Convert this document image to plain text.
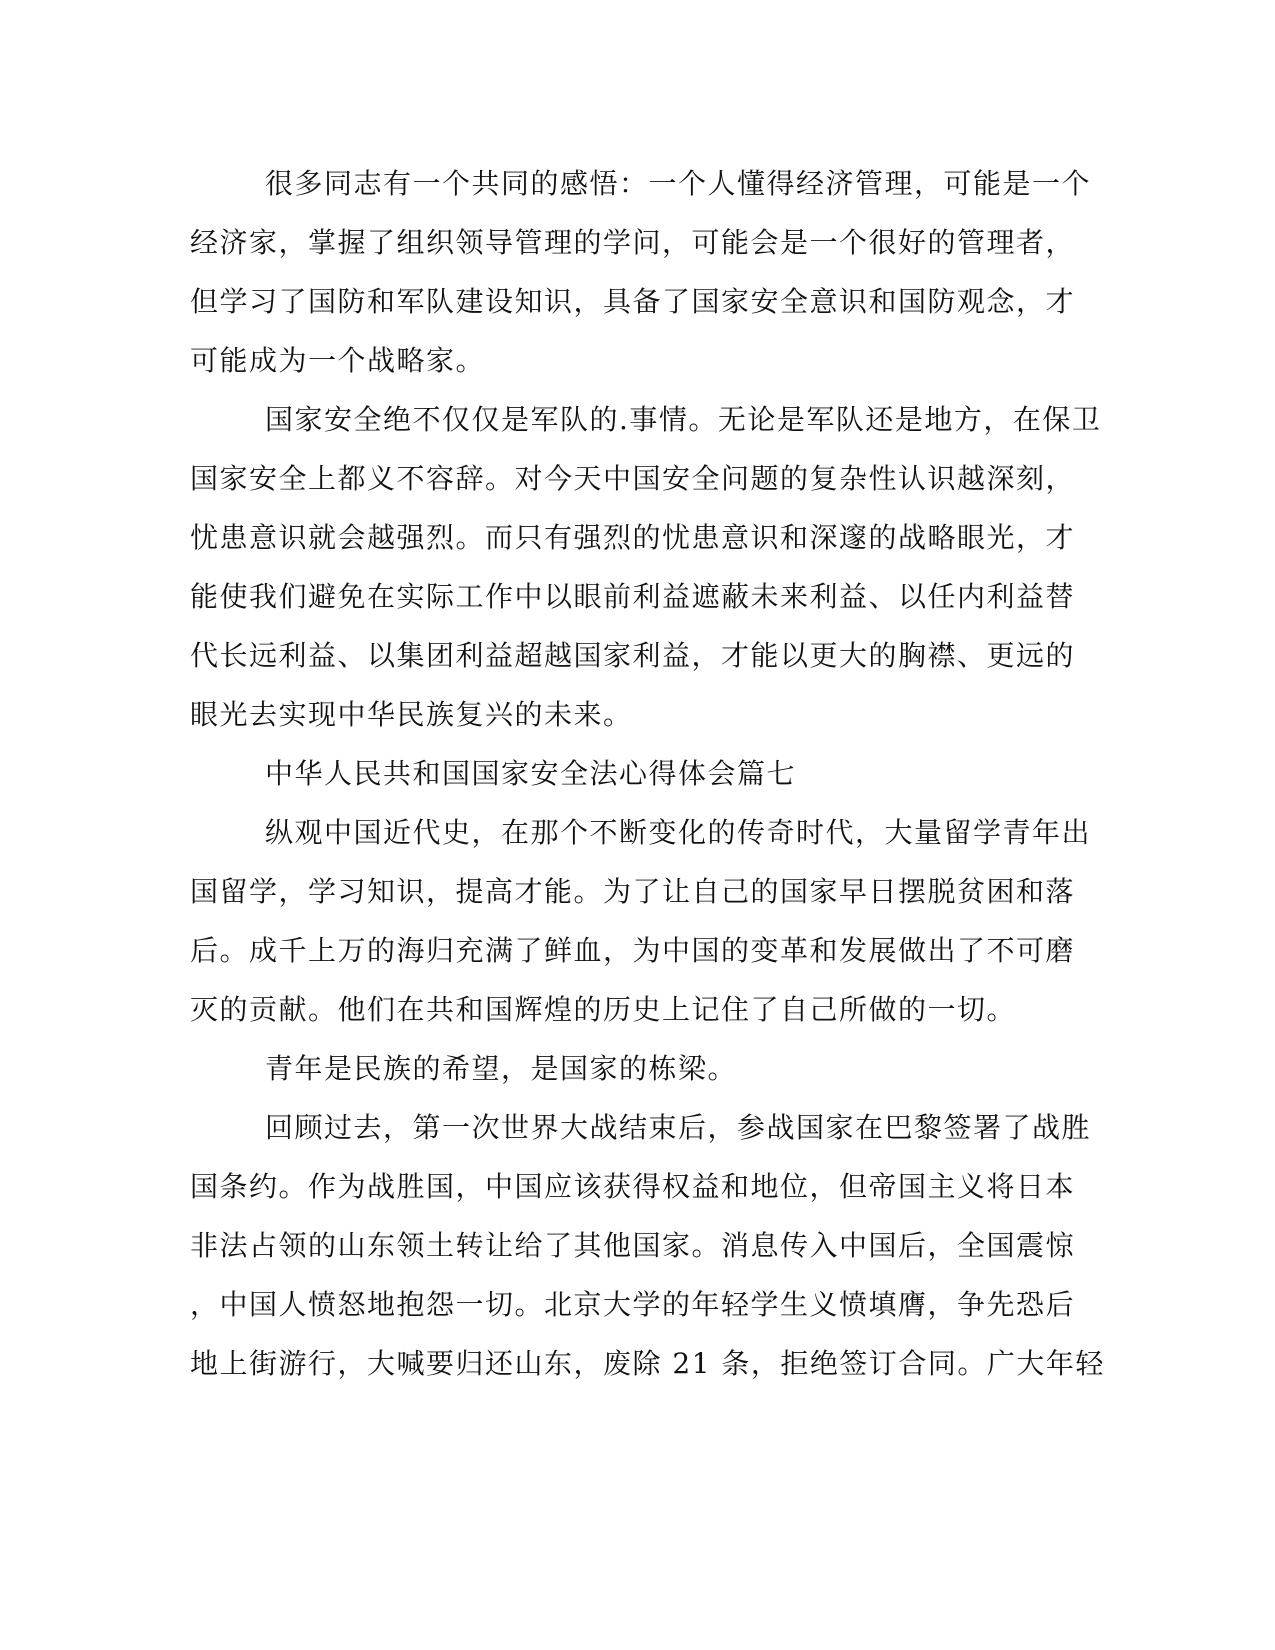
很多同志有一个共同的感悟：一个人懂得经济管理，可能是一个

经济家，掌握了组织领导管理的学问，可能会是一个很好的管理者，

但学习了国防和军队建设知识，具备了国家安全意识和国防观念，才

可能成为一个战略家。

国家安全绝不仅仅是军队的.事情。无论是军队还是地方，在保卫

国家安全上都义不容辞。对今天中国安全问题的复杂性认识越深刻，

忧患意识就会越强烈。而只有强烈的忧患意识和深邃的战略眼光，才

能使我们避免在实际工作中以眼前利益遮蔽未来利益、以任内利益替

代长远利益、以集团利益超越国家利益，才能以更大的胸襟、更远的

眼光去实现中华民族复兴的未来。

中华人民共和国国家安全法心得体会篇七

纵观中国近代史，在那个不断变化的传奇时代，大量留学青年出

国留学，学习知识，提高才能。为了让自己的国家早日摆脱贫困和落

后。成千上万的海归充满了鲜血，为中国的变革和发展做出了不可磨

灭的贡献。他们在共和国辉煌的历史上记住了自己所做的一切。

青年是民族的希望，是国家的栋梁。

回顾过去，第一次世界大战结束后，参战国家在巴黎签署了战胜

国条约。作为战胜国，中国应该获得权益和地位，但帝国主义将日本

非法占领的山东领土转让给了其他国家。消息传入中国后，全国震惊

，中国人愤怒地抱怨一切。北京大学的年轻学生义愤填膺，争先恐后

地上街游行，大喊要归还山东，废除 21 条，拒绝签订合同。广大年轻
